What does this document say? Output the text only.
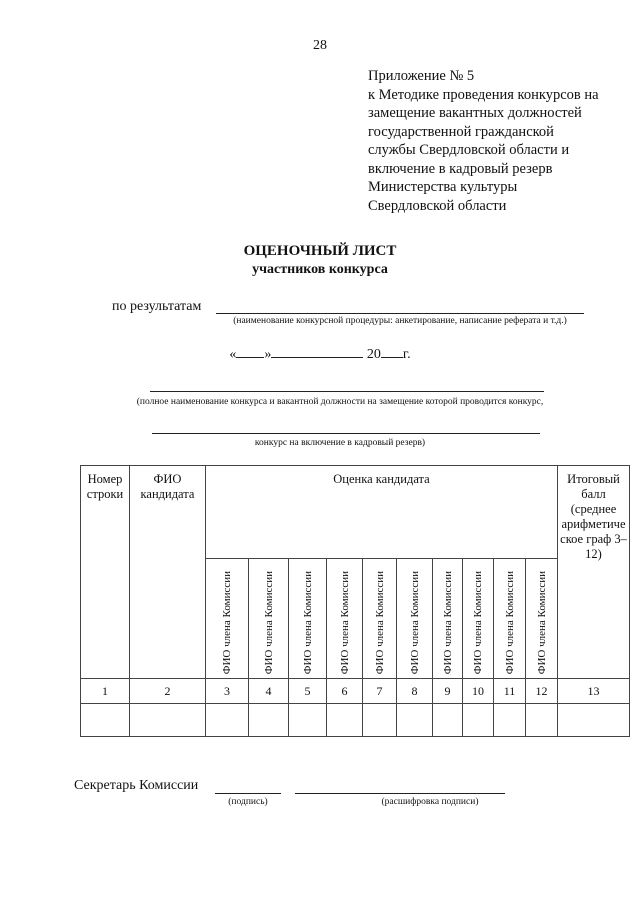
28
Приложение № 5
к Методике проведения конкурсов на
замещение вакантных должностей
государственной гражданской
службы Свердловской области и
включение в кадровый резерв
Министерства культуры
Свердловской области
ОЦЕНОЧНЫЙ ЛИСТ
участников конкурса
по результатам
(наименование конкурсной процедуры: анкетирование, написание реферата и т.д.)
« »	20 г.
(полное наименование конкурса и вакантной должности на замещение которой проводится конкурс,
конкурс на включение в кадровый резерв)
Номер строки	ФИО кандидата	Оценка кандидата										Итоговый балл (среднее арифметиче ское граф 3–12)

		ФИО члена Комиссии	ФИО члена Комиссии	ФИО члена Комиссии	ФИО члена Комиссии	ФИО члена Комиссии	ФИО члена Комиссии	ФИО члена Комиссии	ФИО члена Комиссии	ФИО члена Комиссии	ФИО члена Комиссии	

1	2	3	4	5	6	7	8	9	10	11	12	13

Секретарь Комиссии
(подпись)	(расшифровка подписи)
